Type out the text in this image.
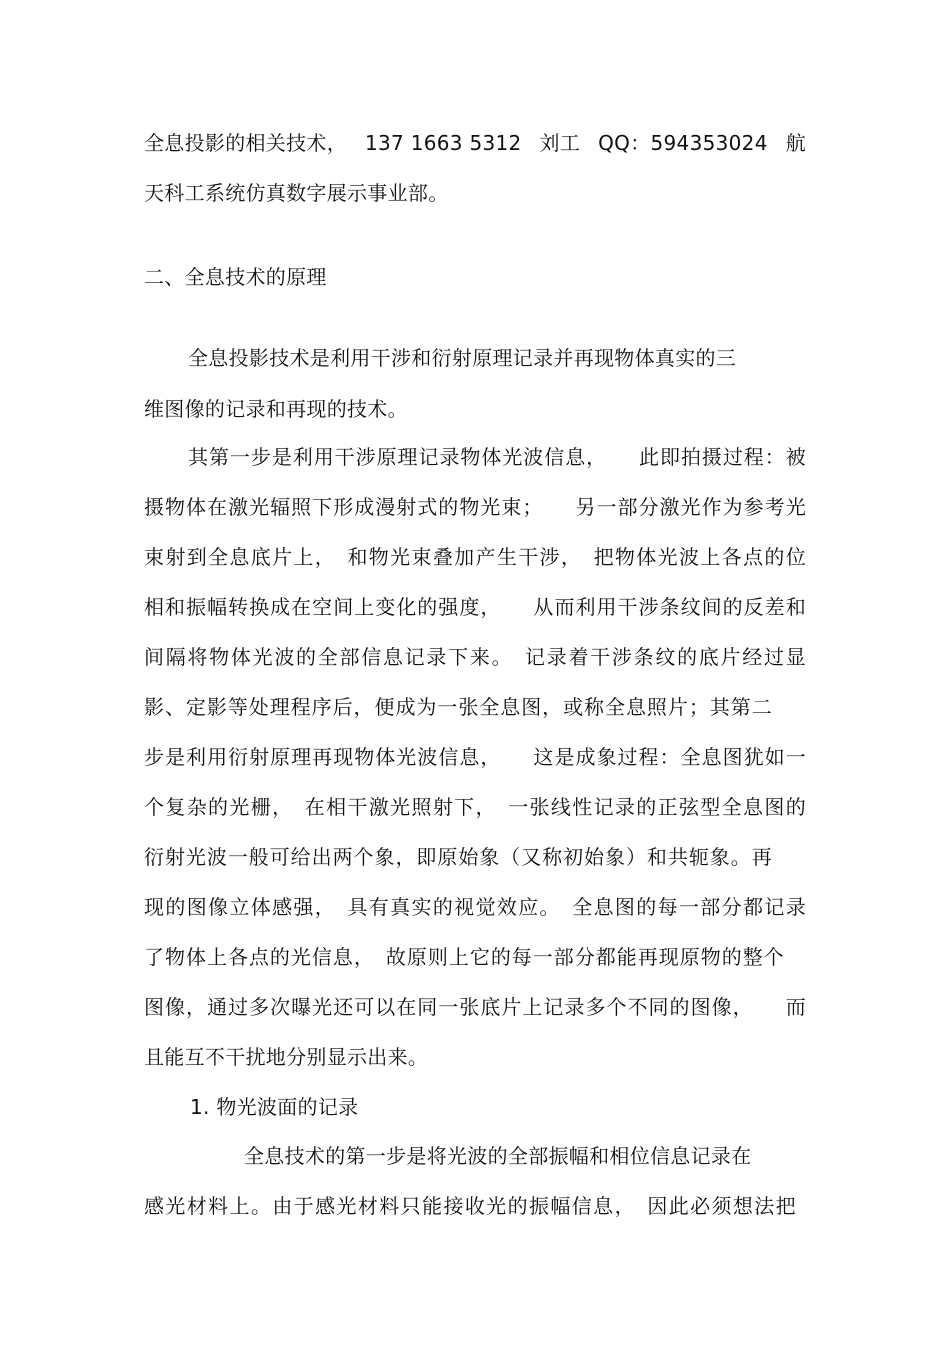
全息投影的相关技术， 137 1663 5312 刘工 QQ：594353024 航
天科工系统仿真数字展示事业部。
二、全息技术的原理
全息投影技术是利用干涉和衍射原理记录并再现物体真实的三
维图像的记录和再现的技术。
其第一步是利用干涉原理记录物体光波信息，　　此即拍摄过程：被
摄物体在激光辐照下形成漫射式的物光束；　　另一部分激光作为参考光
束射到全息底片上，　和物光束叠加产生干涉，　把物体光波上各点的位
相和振幅转换成在空间上变化的强度，　　从而利用干涉条纹间的反差和
间隔将物体光波的全部信息记录下来。　记录着干涉条纹的底片经过显
影、定影等处理程序后，便成为一张全息图，或称全息照片；其第二
步是利用衍射原理再现物体光波信息，　　这是成象过程：全息图犹如一
个复杂的光栅，　在相干激光照射下，　一张线性记录的正弦型全息图的
衍射光波一般可给出两个象，即原始象（又称初始象）和共轭象。再
现的图像立体感强，　具有真实的视觉效应。　全息图的每一部分都记录
了物体上各点的光信息，　故原则上它的每一部分都能再现原物的整个
图像，通过多次曝光还可以在同一张底片上记录多个不同的图像，　　而
且能互不干扰地分别显示出来。
1. 物光波面的记录
全息技术的第一步是将光波的全部振幅和相位信息记录在
感光材料上。由于感光材料只能接收光的振幅信息，　因此必须想法把
